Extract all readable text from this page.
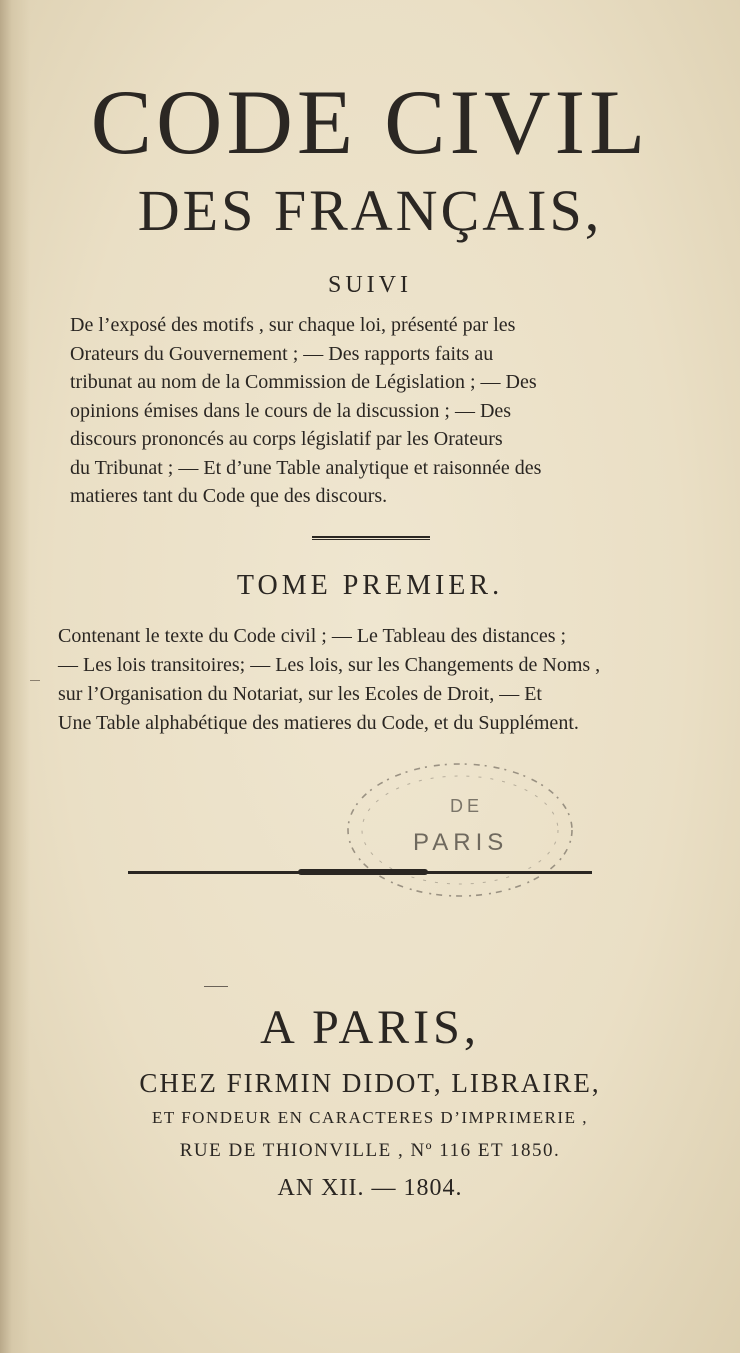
CODE CIVIL
DES FRANÇAIS,
SUIVI

De l’exposé des motifs , sur chaque loi, présenté par les

Orateurs du Gouvernement ; — Des rapports faits au

tribunat au nom de la Commission de Législation ; — Des

opinions émises dans le cours de la discussion ; — Des

discours prononcés au corps législatif par les Orateurs

du Tribunat ; — Et d’une Table analytique et raisonnée des

matieres tant du Code que des discours.

TOME PREMIER.

Contenant le texte du Code civil ; — Le Tableau des distances ;

— Les lois transitoires; — Les lois, sur les Changements de Noms ,

sur l’Organisation du Notariat, sur les Ecoles de Droit, — Et

Une Table alphabétique des matieres du Code, et du Supplément.

DE
PARIS
A PARIS,
CHEZ FIRMIN DIDOT, LIBRAIRE,
ET FONDEUR EN CARACTERES D’IMPRIMERIE ,
RUE DE THIONVILLE , Nº 116 ET 1850.
AN XII. — 1804.
